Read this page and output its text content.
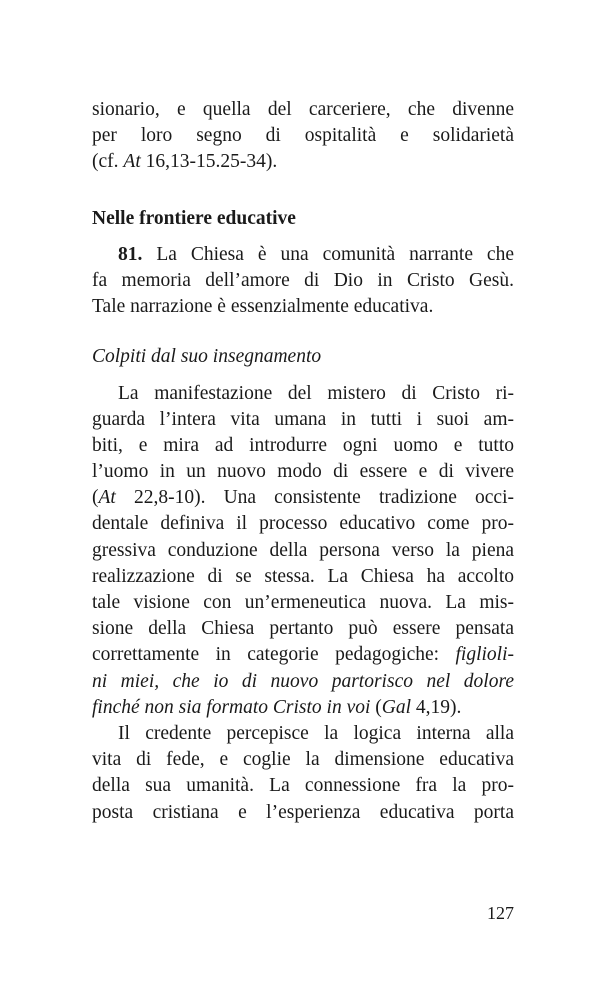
sionario, e quella del carceriere, che divenne
per loro segno di ospitalità e solidarietà
(cf. At 16,13-15.25-34).
Nelle frontiere educative
81. La Chiesa è una comunità narrante che
fa memoria dell’amore di Dio in Cristo Gesù.
Tale narrazione è essenzialmente educativa.
Colpiti dal suo insegnamento
La manifestazione del mistero di Cristo ri-
guarda l’intera vita umana in tutti i suoi am-
biti, e mira ad introdurre ogni uomo e tutto
l’uomo in un nuovo modo di essere e di vivere
(At 22,8-10). Una consistente tradizione occi-
dentale definiva il processo educativo come pro-
gressiva conduzione della persona verso la piena
realizzazione di se stessa. La Chiesa ha accolto
tale visione con un’ermeneutica nuova. La mis-
sione della Chiesa pertanto può essere pensata
correttamente in categorie pedagogiche: figlioli-
ni miei, che io di nuovo partorisco nel dolore
finché non sia formato Cristo in voi (Gal 4,19).
Il credente percepisce la logica interna alla
vita di fede, e coglie la dimensione educativa
della sua umanità. La connessione fra la pro-
posta cristiana e l’esperienza educativa porta
127
